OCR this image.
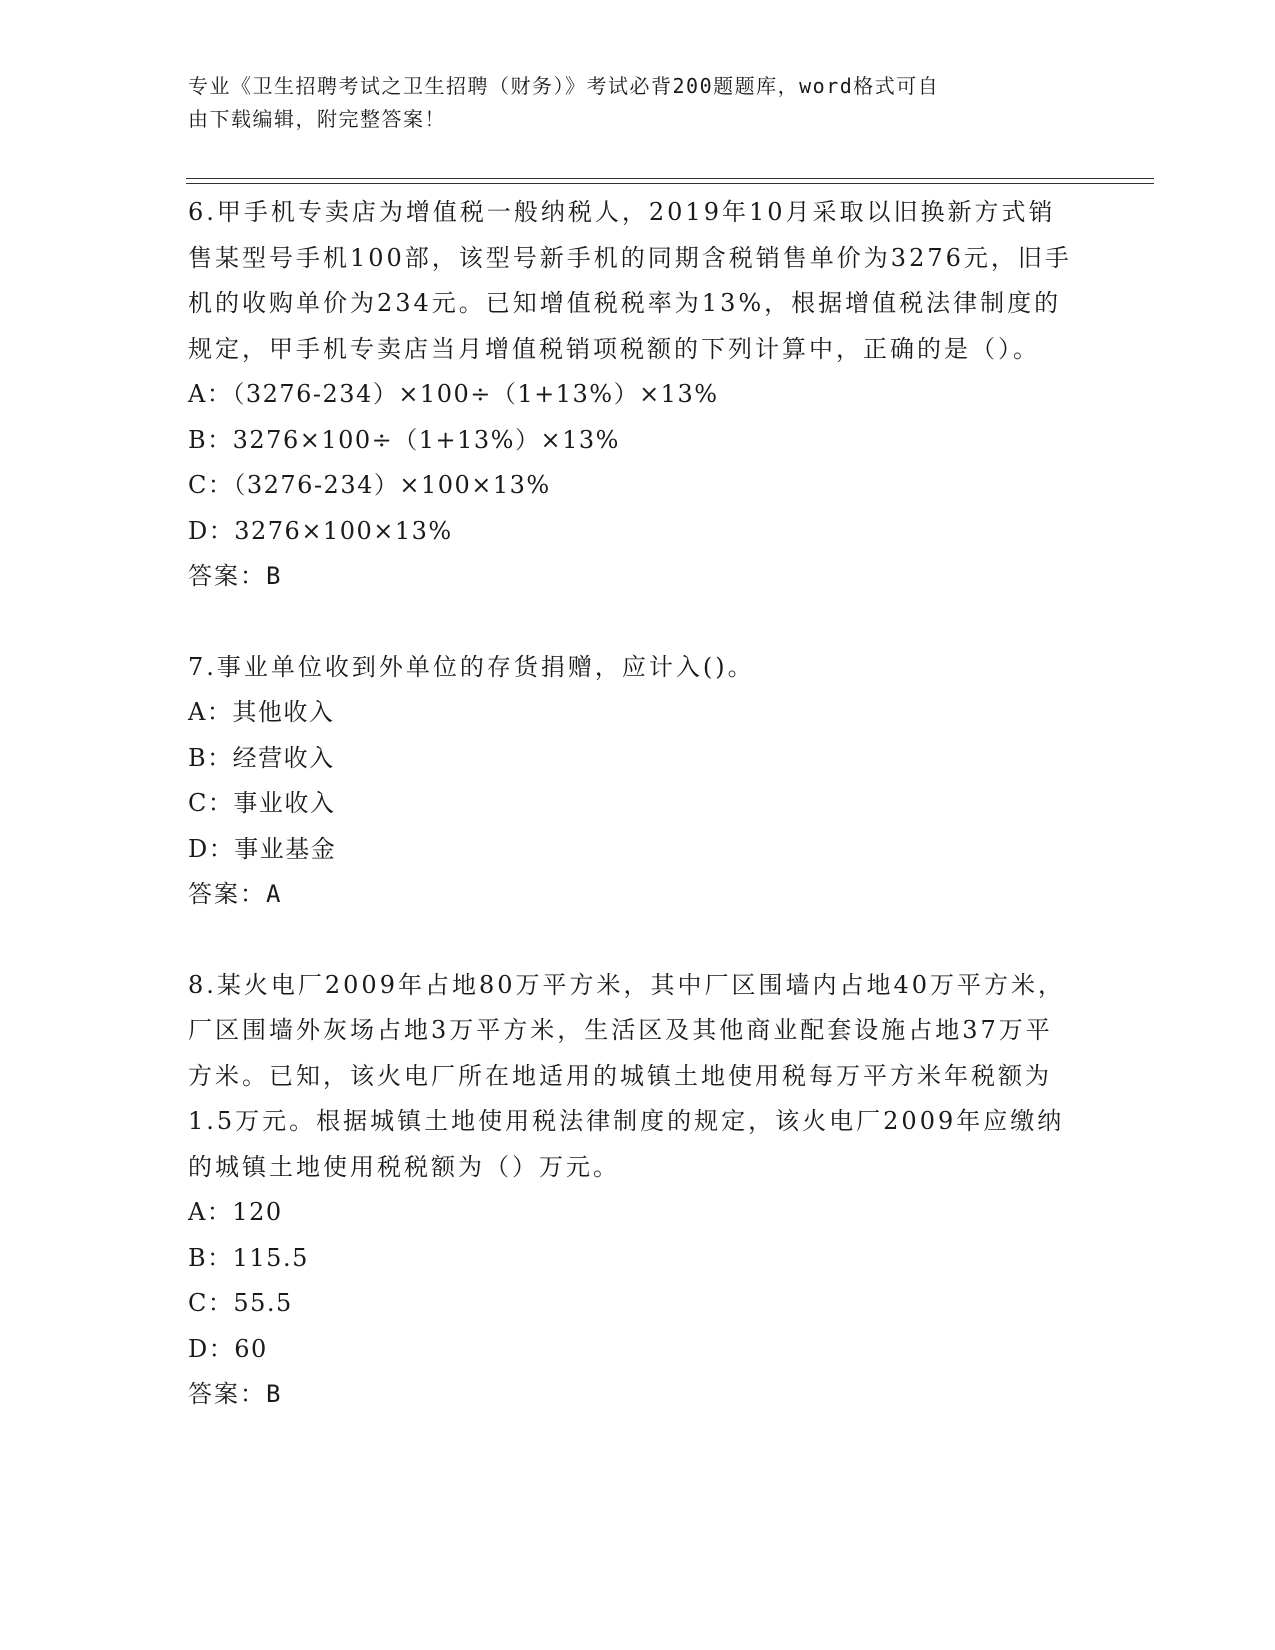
专业《卫生招聘考试之卫生招聘（财务）》考试必背200题题库，word格式可自
由下载编辑，附完整答案！

6.甲手机专卖店为增值税一般纳税人，2019年10月采取以旧换新方式销售某型号手机100部，该型号新手机的同期含税销售单价为3276元，旧手机的收购单价为234元。已知增值税税率为13%，根据增值税法律制度的规定，甲手机专卖店当月增值税销项税额的下列计算中，正确的是（）。

A：（3276-234）×100÷（1+13%）×13%

B：3276×100÷（1+13%）×13%

C：（3276-234）×100×13%

D：3276×100×13%

答案：B

7.事业单位收到外单位的存货捐赠，应计入()。

A：其他收入

B：经营收入

C：事业收入

D：事业基金

答案：A

8.某火电厂2009年占地80万平方米，其中厂区围墙内占地40万平方米，厂区围墙外灰场占地3万平方米，生活区及其他商业配套设施占地37万平方米。已知，该火电厂所在地适用的城镇土地使用税每万平方米年税额为1.5万元。根据城镇土地使用税法律制度的规定，该火电厂2009年应缴纳的城镇土地使用税税额为（）万元。

A：120

B：115.5

C：55.5

D：60

答案：B
